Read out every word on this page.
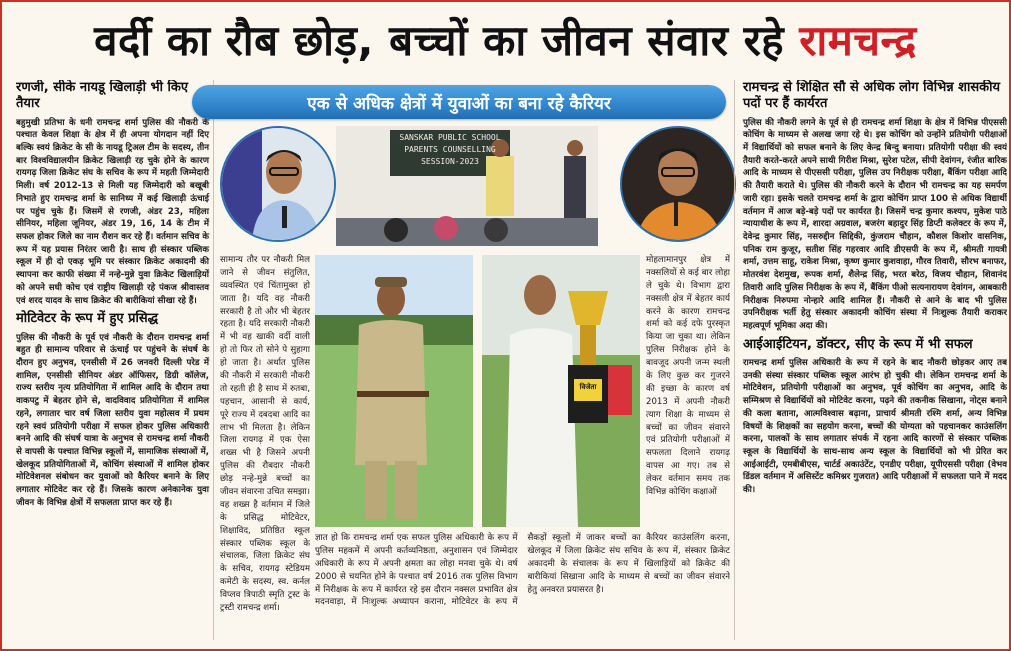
वर्दी का रौब छोड़, बच्चों का जीवन संवार रहे
रामचन्द्र
रणजी, सीके नायडू खिलाड़ी भी किए तैयार

बहुमुखी प्रतिभा के धनी रामचन्द्र शर्मा पुलिस की नौकरी के पश्चात केवल शिक्षा के क्षेत्र में ही अपना योगदान नहीं दिए बल्कि स्वयं क्रिकेट के सी के नायडू ट्रिअल टीम के सदस्य, तीन बार विश्वविद्यालयीन क्रिकेट खिलाड़ी रह चुके होने के कारण रायगढ़ जिला क्रिकेट संघ के सचिव के रूप में महती जिम्मेदारी मिली। वर्ष 2012-13 से मिली यह जिम्मेदारी को बखूबी निभाते हुए रामचन्द्र शर्मा के सानिध्य में कई खिलाड़ी ऊंचाई पर पहुंच चुके हैं। जिसमें से रणजी, अंडर 23, महिला सीनियर, महिला जूनियर, अंडर 19, 16, 14 के टीम में सफल होकर जिले का नाम रौशन कर रहे हैं। वर्तमान सचिव के रूप में यह प्रयास निरंतर जारी है। साथ ही संस्कार पब्लिक स्कूल में ही दो एकड़ भूमि पर संस्कार क्रिकेट अकादमी की स्थापना कर काफी संख्या में नन्हे-मुन्ने युवा क्रिकेट खिलाड़ियों को अपने सधी कोच एवं राष्ट्रीय खिलाड़ी रहे पंकज श्रीवास्तव एवं शरद यादव के साथ क्रिकेट की बारीकियां सीखा रहे हैं।

मोटिवेटर के रूप में हुए प्रसिद्ध

पुलिस की नौकरी के पूर्व एवं नौकरी के दौरान रामचन्द्र शर्मा बहुत ही सामान्य परिवार से ऊंचाई पर पहुंचने के संघर्ष के दौरान हुए अनुभव, एनसीसी में 26 जनवरी दिल्ली परेड में शामिल, एनसीसी सीनियर अंडर ऑफिसर, डिग्री कॉलेज, राज्य स्तरीय नृत्य प्रतियोगिता में शामिल आदि के दौरान तथा वाकपटु में बेहतर होने से, वादविवाद प्रतियोगिता में शामिल रहने, लगातार चार वर्ष जिला स्तरीय युवा महोत्सव में प्रथम रहने स्वयं प्रतियोगी परीक्षा में सफल होकर पुलिस अधिकारी बनने आदि की संघर्ष यात्रा के अनुभव से रामचन्द्र शर्मा नौकरी से वापसी के पश्चात विभिन्न स्कूलों में, सामाजिक संस्थाओं में, खेलकूद प्रतियोगिताओं में, कोचिंग संस्थाओं में शामिल होकर मोटिवेशनल संबोधन कर युवाओं को कैरियर बनाने के लिए लगातार मोटिवेट कर रहे हैं। जिसके कारण अनेकानेक युवा जीवन के विभिन्न क्षेत्रों में सफलता प्राप्त कर रहे हैं।

एक से अधिक क्षेत्रों में युवाओं का बना रहे कैरियर
SANSKAR PUBLIC SCHOOL
PARENTS COUNSELLING
SESSION-2023
विजेता
सामान्य तौर पर नौकरी मिल जाने से जीवन संतुलित, व्यवस्थित एवं चिंतामुक्त हो जाता है। यदि वह नौकरी सरकारी है तो और भी बेहतर रहता है। यदि सरकारी नौकरी में भी वह खाकी वर्दी वाली हो तो फिर तो सोने पे सुहागा हो जाता है। अर्थात पुलिस की नौकरी में सरकारी नौकरी तो रहती ही है साथ में रुतबा, पहचान, आसानी से कार्य, पूरे राज्य में दबदबा आदि का लाभ भी मिलता है। लेकिन जिला रायगढ़ में एक ऐसा शख्स भी है जिसने अपनी पुलिस की रौबदार नौकरी छोड़ नन्हे-मुन्ने बच्चों का जीवन संवारना उचित समझा। वह शख्स है वर्तमान में जिले के प्रसिद्ध मोटिवेटर, शिक्षाविद, प्रतिष्ठित स्कूल संस्कार पब्लिक स्कूल के संचालक, जिला क्रिकेट संघ के सचिव, रायगढ़ स्टेडियम कमेटी के सदस्य, स्व. कर्नल विप्लव त्रिपाठी स्मृति ट्रस्ट के ट्रस्टी रामचन्द्र शर्मा।
मोहलामानपुर क्षेत्र में नक्सलियों से कई बार लोहा ले चुके थे। विभाग द्वारा नक्सली क्षेत्र में बेहतर कार्य करने के कारण रामचन्द्र शर्मा को कई दफे पुरस्कृत किया जा चुका था। लेकिन पुलिस निरीक्षक होने के बावजूद अपनी जन्म स्थली के लिए कुछ कर गुजरने की इच्छा के कारण वर्ष 2013 में अपनी नौकरी त्याग शिक्षा के माध्यम से बच्चों का जीवन संवारने एवं प्रतियोगी परीक्षाओं में सफलता दिलाने रायगढ़ वापस आ गए। तब से लेकर वर्तमान समय तक विभिन्न कोचिंग कक्षाओं
ज्ञात हो कि रामचन्द्र शर्मा एक सफल पुलिस अधिकारी के रूप में पुलिस महकमें में अपनी कर्तव्यनिष्ठता, अनुशासन एवं जिम्मेदार अधिकारी के रूप में अपनी क्षमता का लोहा मनवा चुके थे। वर्ष 2000 से चयनित होने के पश्चात वर्ष 2016 तक पुलिस विभाग में निरीक्षक के रूप में कार्यरत रहे इस दौरान नक्सल प्रभावित क्षेत्र मदनवाड़ा, में निःशुल्क अध्यापन कराना, मोटिवेटर के रूप में सैकड़ों स्कूलों में जाकर बच्चों का कैरियर काउंसलिंग करना, खेलकूद में जिला क्रिकेट संघ सचिव के रूप में, संस्कार क्रिकेट अकादमी के संचालक के रूप में खिलाड़ियों को क्रिकेट की बारीकियां सिखाना आदि के माध्यम से बच्चों का जीवन संवारने हेतु अनवरत प्रयासरत है।
रामचन्द्र से शिक्षित सौ से अधिक लोग विभिन्न शासकीय पदों पर हैं कार्यरत

पुलिस की नौकरी लगने के पूर्व से ही रामचन्द्र शर्मा शिक्षा के क्षेत्र में विभिन्न पीएससी कोचिंग के माध्यम से अलख जगा रहे थे। इस कोचिंग को उन्होंने प्रतियोगी परीक्षाओं में विद्यार्थियों को सफल बनाने के लिए केन्द्र बिन्दु बनाया। प्रतियोगी परीक्षा की स्वयं तैयारी करते-करते अपने साथी गिरीश मिश्रा, सुरेश पटेल, सीपी देवांगन, रंजीत बारिक आदि के माध्यम से पीएससी परीक्षा, पुलिस उप निरीक्षक परीक्षा, बैंकिंग परीक्षा आदि की तैयारी कराते थे। पुलिस की नौकरी करने के दौरान भी रामचन्द्र का यह समर्पण जारी रहा। इसके चलते रामचन्द्र शर्मा के द्वारा कोचिंग प्राप्त 100 से अधिक विद्यार्थी वर्तमान में आज बड़े-बड़े पदों पर कार्यरत है। जिसमें चन्द्र कुमार कश्यप, मुकेश पाठे न्यायाधीश के रूप में, शारदा अग्रवाल, बजरंग बहादुर सिंह डिप्टी कलेक्टर के रूप में, देवेन्द्र कुमार सिंह, नसरुद्दीन सिद्दिकी, कुंजराम चौहान, कौशल किशोर वासनिक, पनिक राम कुजूर, सतीश सिंह गहरवार आदि डीएसपी के रूप में, श्रीमती गायत्री शर्मा, उत्तम साहू, राकेश मिश्रा, कृष्ण कुमार कुशवाहा, गौरव तिवारी, सौरभ बनाफर, मोतरवंश देशमुख, रूपक शर्मा, शैलेन्द्र सिंह, भरत बरेठ, विजय चौहान, शिवानंद तिवारी आदि पुलिस निरीक्षक के रूप में, बैंकिंग पीओ सत्यनारायण देवांगन, आबकारी निरीक्षक निरुपमा नोन्हारे आदि शामिल हैं। नौकरी से आने के बाद भी पुलिस उपनिरीक्षक भर्ती हेतु संस्कार अकादमी कोचिंग संस्था में निःशुल्क तैयारी कराकर महत्वपूर्ण भूमिका अदा की।

आईआईटियन, डॉक्टर, सीए के रूप में भी सफल

रामचन्द्र शर्मा पुलिस अधिकारी के रूप में रहने के बाद नौकरी छोड़कर आए तब उनकी संस्था संस्कार पब्लिक स्कूल आरंभ हो चुकी थी। लेकिन रामचन्द्र शर्मा के मोटिवेशन, प्रतियोगी परीक्षाओं का अनुभव, पूर्व कोचिंग का अनुभव, आदि के सम्मिश्रण से विद्यार्थियों को मोटिवेट करना, पढ़ने की तकनीक सिखाना, नोट्स बनाने की कला बताना, आत्मविश्वास बढ़ाना, प्राचार्य श्रीमती रश्मि शर्मा, अन्य विभिन्न विषयों के शिक्षकों का सहयोग करना, बच्चों की योग्यता को पहचानकर काउंसलिंग करना, पालकों के साथ लगातार संपर्क में रहना आदि कारणों से संस्कार पब्लिक स्कूल के विद्यार्थियों के साथ-साथ अन्य स्कूल के विद्यार्थियों को भी प्रेरित कर आईआईटी, एमबीबीएस, चार्टर्ड अकाउंटेंट, एनडीए परीक्षा, यूपीएससी परीक्षा (वेभव डिंडल वर्तमान में असिस्टेंट कमिश्नर गुजरात) आदि परीक्षाओं में सफलता पाने में मदद की।
